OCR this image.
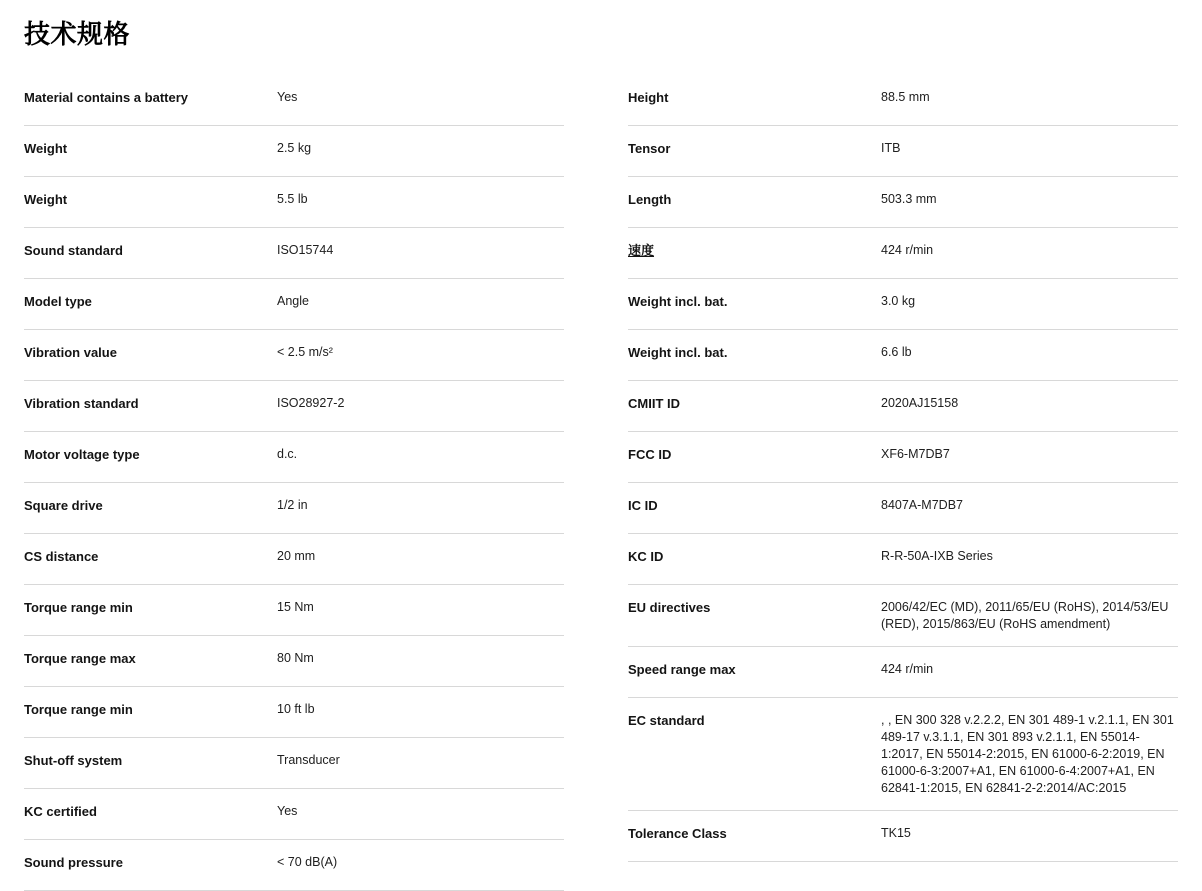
技术规格
Material contains a battery	Yes
Weight	2.5 kg
Weight	5.5 lb
Sound standard	ISO15744
Model type	Angle
Vibration value	< 2.5 m/s²
Vibration standard	ISO28927-2
Motor voltage type	d.c.
Square drive	1/2 in
CS distance	20 mm
Torque range min	15 Nm
Torque range max	80 Nm
Torque range min	10 ft lb
Shut-off system	Transducer
KC certified	Yes
Sound pressure	< 70 dB(A)
Height	88.5 mm
Tensor	ITB
Length	503.3 mm
速度	424 r/min
Weight incl. bat.	3.0 kg
Weight incl. bat.	6.6 lb
CMIIT ID	2020AJ15158
FCC ID	XF6-M7DB7
IC ID	8407A-M7DB7
KC ID	R-R-50A-IXB Series
EU directives	2006/42/EC (MD), 2011/65/EU (RoHS), 2014/53/EU (RED), 2015/863/EU (RoHS amendment)
Speed range max	424 r/min
EC standard	, , EN 300 328 v.2.2.2, EN 301 489-1 v.2.1.1, EN 301 489-17 v.3.1.1, EN 301 893 v.2.1.1, EN 55014-1:2017, EN 55014-2:2015, EN 61000-6-2:2019, EN 61000-6-3:2007+A1, EN 61000-6-4:2007+A1, EN 62841-1:2015, EN 62841-2-2:2014/AC:2015
Tolerance Class	TK15
